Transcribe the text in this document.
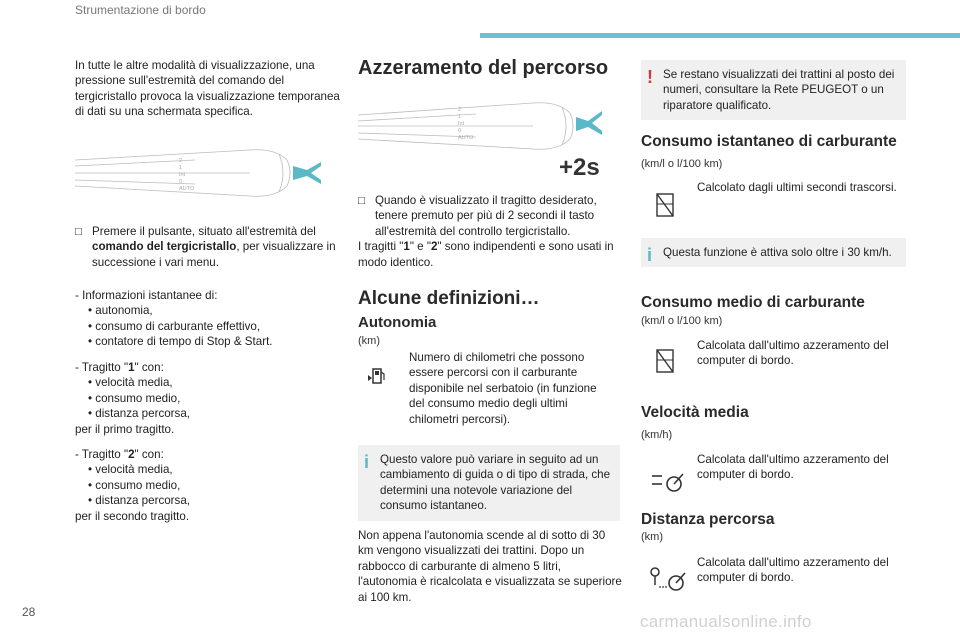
Strumentazione di bordo

In tutte le altre modalità di visualizzazione, una pressione sull'estremità del comando del tergicristallo provoca la visualizzazione temporanea di dati su una schermata specifica.

2
1
Int
0
AUTO
□ Premere il pulsante, situato all'estremità del comando del tergicristallo, per visualizzare in successione i vari menu.
- Informazioni istantanee di:
• autonomia,
• consumo di carburante effettivo,
• contatore di tempo di Stop & Start.
- Tragitto "1" con:
• velocità media,
• consumo medio,
• distanza percorsa,
per il primo tragitto.
- Tragitto "2" con:
• velocità media,
• consumo medio,
• distanza percorsa,
per il secondo tragitto.
Azzeramento del percorso
2
1
Int
0
AUTO
+2s
□ Quando è visualizzato il tragitto desiderato, tenere premuto per più di 2 secondi il tasto all'estremità del controllo tergicristallo.
I tragitti "1" e "2" sono indipendenti e sono usati in modo identico.
Alcune definizioni…
Autonomia
(km)

Numero di chilometri che possono essere percorsi con il carburante disponibile nel serbatoio (in funzione del consumo medio degli ultimi chilometri percorsi).

i Questo valore può variare in seguito ad un cambiamento di guida o di tipo di strada, che determini una notevole variazione del consumo istantaneo.

Non appena l'autonomia scende al di sotto di 30 km vengono visualizzati dei trattini. Dopo un rabbocco di carburante di almeno 5 litri, l'autonomia è ricalcolata e visualizzata se superiore ai 100 km.

! Se restano visualizzati dei trattini al posto dei numeri, consultare la Rete PEUGEOT o un riparatore qualificato.
Consumo istantaneo di carburante
(km/l o l/100 km)

Calcolato dagli ultimi secondi trascorsi.

i Questa funzione è attiva solo oltre i 30 km/h.
Consumo medio di carburante
(km/l o l/100 km)

Calcolata dall'ultimo azzeramento del computer di bordo.

Velocità media
(km/h)

Calcolata dall'ultimo azzeramento del computer di bordo.

Distanza percorsa
(km)

Calcolata dall'ultimo azzeramento del computer di bordo.

28	carmanualsonline.info
